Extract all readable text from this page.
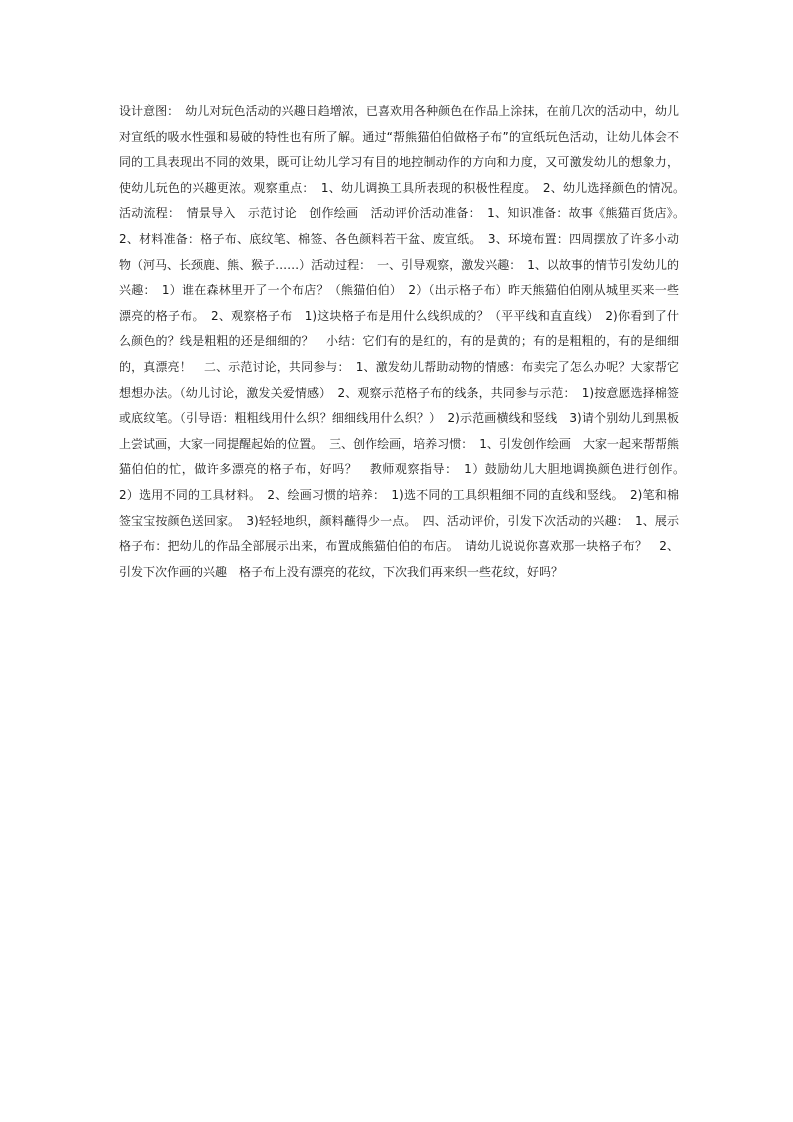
设计意图：　幼儿对玩色活动的兴趣日趋增浓，已喜欢用各种颜色在作品上涂抹，在前几次的活动中，幼儿对宣纸的吸水性强和易破的特性也有所了解。通过“帮熊猫伯伯做格子布”的宣纸玩色活动，让幼儿体会不同的工具表现出不同的效果，既可让幼儿学习有目的地控制动作的方向和力度，又可激发幼儿的想象力，使幼儿玩色的兴趣更浓。观察重点：　1、幼儿调换工具所表现的积极性程度。　2、幼儿选择颜色的情况。　活动流程：　情景导入　示范讨论　创作绘画　活动评价活动准备：　1、知识准备：故事《熊猫百货店》。　2、材料准备：格子布、底纹笔、棉签、各色颜料若干盆、废宣纸。　3、环境布置：四周摆放了许多小动物（河马、长颈鹿、熊、猴子……）活动过程：　一、引导观察，激发兴趣：　1、以故事的情节引发幼儿的兴趣：　1）谁在森林里开了一个布店？（熊猫伯伯）　2）（出示格子布）昨天熊猫伯伯刚从城里买来一些漂亮的格子布。　2、观察格子布　1)这块格子布是用什么线织成的？（平平线和直直线）　2)你看到了什么颜色的？线是粗粗的还是细细的？　小结：它们有的是红的，有的是黄的；有的是粗粗的，有的是细细的，真漂亮！　二、示范讨论，共同参与：　1、激发幼儿帮助动物的情感：布卖完了怎么办呢？大家帮它想想办法。（幼儿讨论，激发关爱情感）　2、观察示范格子布的线条，共同参与示范：　1)按意愿选择棉签或底纹笔。（引导语：粗粗线用什么织？细细线用什么织？）　2)示范画横线和竖线　3)请个别幼儿到黑板上尝试画，大家一同提醒起始的位置。　三、创作绘画，培养习惯：　1、引发创作绘画　大家一起来帮帮熊猫伯伯的忙，做许多漂亮的格子布，好吗？　教师观察指导：　1）鼓励幼儿大胆地调换颜色进行创作。　2）选用不同的工具材料。　2、绘画习惯的培养：　1)选不同的工具织粗细不同的直线和竖线。　2)笔和棉签宝宝按颜色送回家。　3)轻轻地织，颜料蘸得少一点。　四、活动评价，引发下次活动的兴趣：　1、展示格子布：把幼儿的作品全部展示出来，布置成熊猫伯伯的布店。　请幼儿说说你喜欢那一块格子布？　2、引发下次作画的兴趣　格子布上没有漂亮的花纹，下次我们再来织一些花纹，好吗？
